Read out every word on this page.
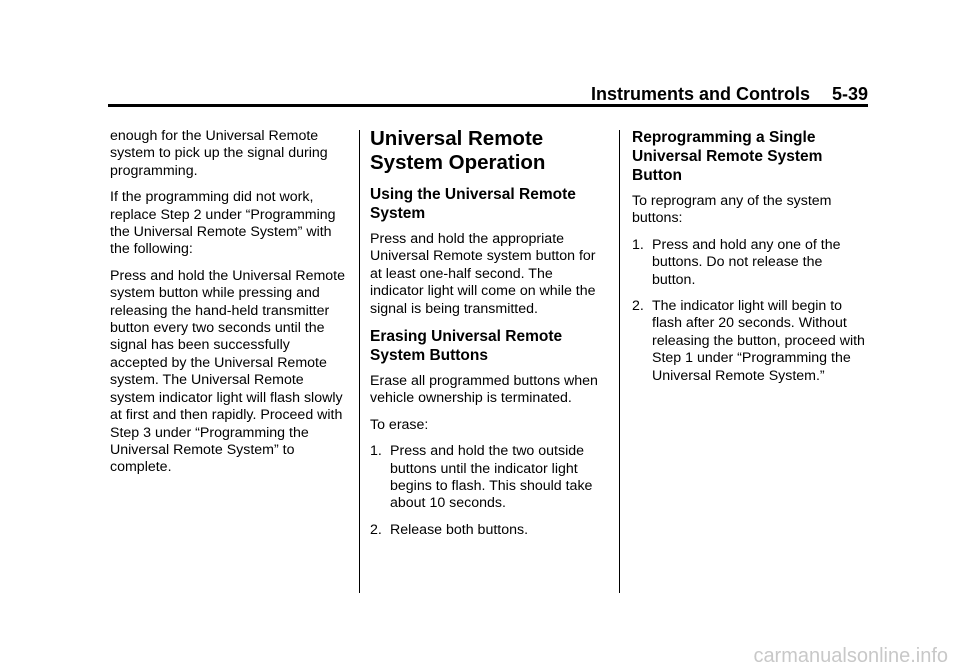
Instruments and Controls 5-39

enough for the Universal Remote system to pick up the signal during programming.

If the programming did not work, replace Step 2 under “Programming the Universal Remote System” with the following:

Press and hold the Universal Remote system button while pressing and releasing the hand-held transmitter button every two seconds until the signal has been successfully accepted by the Universal Remote system. The Universal Remote system indicator light will flash slowly at first and then rapidly. Proceed with Step 3 under “Programming the Universal Remote System” to complete.

Universal Remote System Operation
Using the Universal Remote System

Press and hold the appropriate Universal Remote system button for at least one-half second. The indicator light will come on while the signal is being transmitted.

Erasing Universal Remote System Buttons

Erase all programmed buttons when vehicle ownership is terminated.

To erase:

1. Press and hold the two outside buttons until the indicator light begins to flash. This should take about 10 seconds.
2. Release both buttons.
Reprogramming a Single Universal Remote System Button

To reprogram any of the system buttons:

1. Press and hold any one of the buttons. Do not release the button.
2. The indicator light will begin to flash after 20 seconds. Without releasing the button, proceed with Step 1 under “Programming the Universal Remote System.”
carmanualsonline.info
